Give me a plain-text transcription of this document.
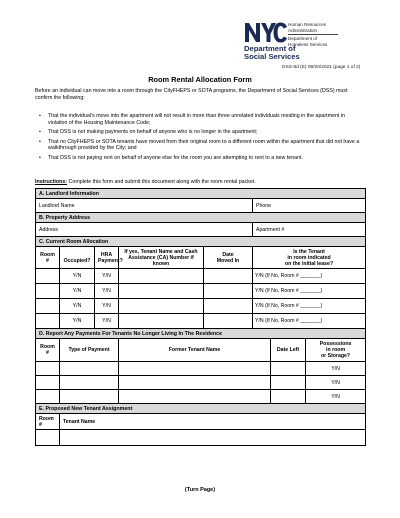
Human Resources
Administration
Department of
Homeless Services
Department of
Social Services
DSS-8d (E) 08/20/2021 (page 1 of 2)
Room Rental Allocation Form
Before an individual can move into a room through the CityFHEPS or SOTA programs, the Department of Social Services (DSS) must confirm the following:
• That the individual’s move into the apartment will not result in more than three unrelated individuals residing in the apartment in violation of the Housing Maintenance Code;
• That DSS is not making payments on behalf of anyone who is no longer in the apartment;
• That no CityFHEPS or SOTA tenants have moved from their original room to a different room within the apartment that did not have a walkthrough provided by the City; and
• That DSS is not paying rent on behalf of anyone else for the room you are attempting to rent to a new tenant.
Instructions: Complete this form and submit this document along with the room rental packet.
A. Landlord Information							
Landlord Name					Phone		
B. Property Address							
Address					Apartment #		
C. Current Room Allocation							
Room
#	Occupied?	HRA
Payment?	If yes, Tenant Name and Cash
Assistance (CA) Number if known	Date
Moved In	Is the Tenant
in room indicated
on the initial lease?		
	Y/N	Y/N			Y/N (If No, Room # _______)		
	Y/N	Y/N			Y/N (If No, Room # _______)		
	Y/N	Y/N			Y/N (If No, Room # _______)		
	Y/N	Y/N			Y/N (If No, Room # _______)		
D. Report Any Payments For Tenants No Longer Living In The Residence							
Room
#	Type of Payment		Former Tenant Name			Date Left	Possessions
in room
or Storage?
							Y/N
							Y/N
							Y/N
E. Proposed New Tenant Assignment							
Room
#	Tenant Name						

(Turn Page)
